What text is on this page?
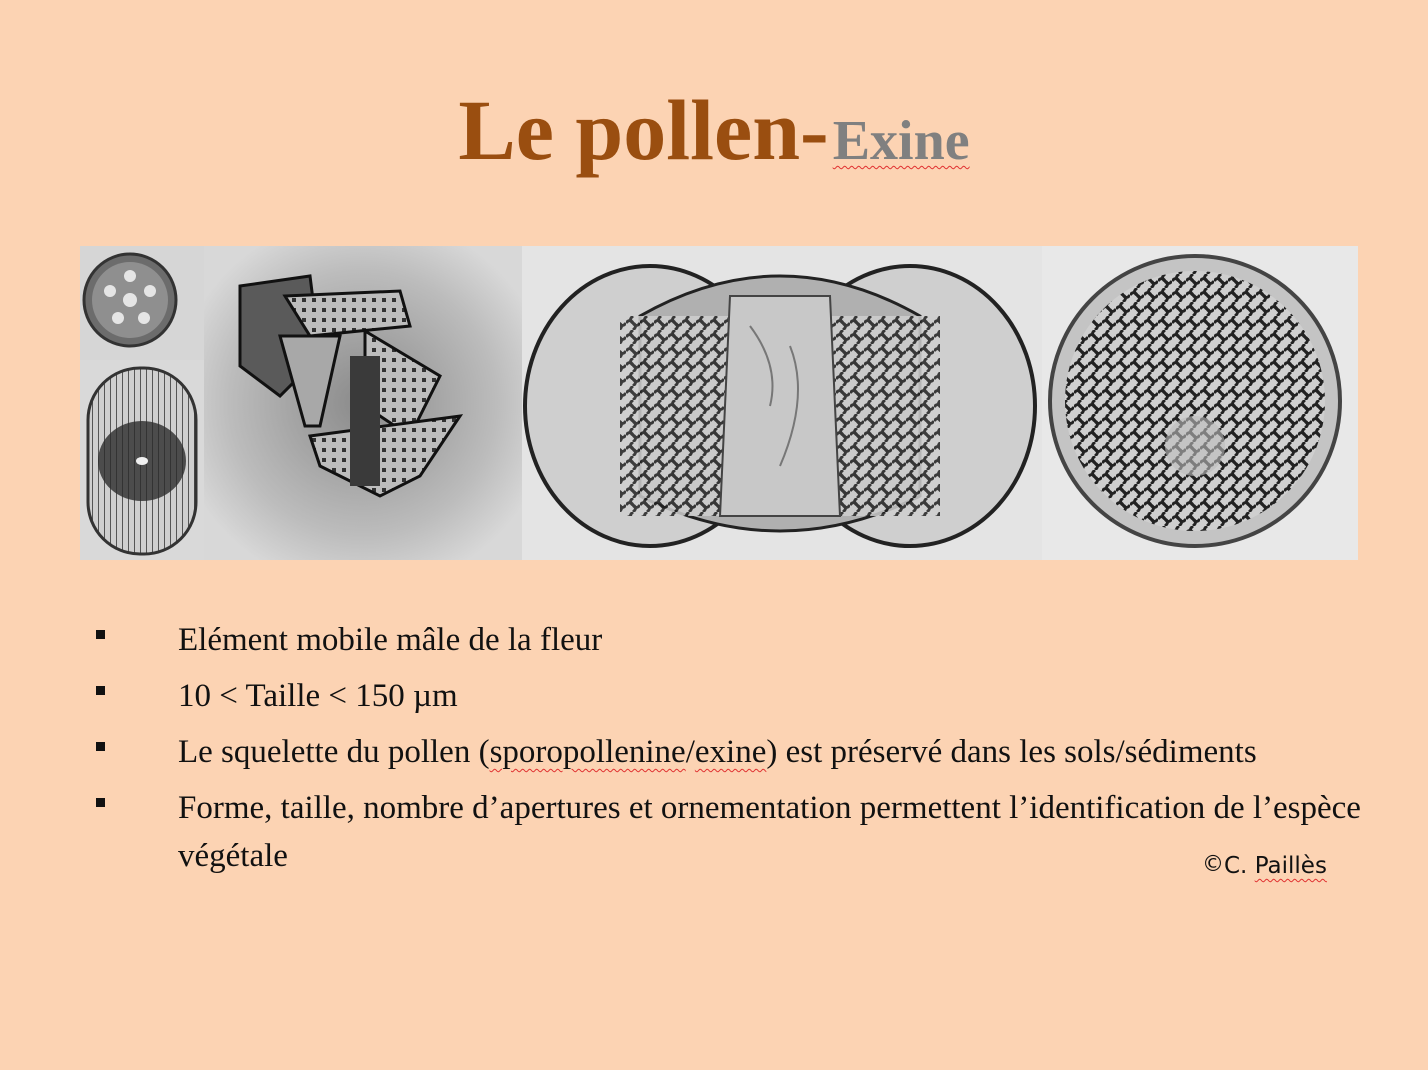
Le pollen- Exine
Elément mobile mâle de la fleur
10 < Taille < 150 µm
Le squelette du pollen (sporopollenine/exine) est préservé dans les sols/sédiments
Forme, taille, nombre d’apertures et ornementation permettent l’identification de l’espèce végétale	©C. Paillès
